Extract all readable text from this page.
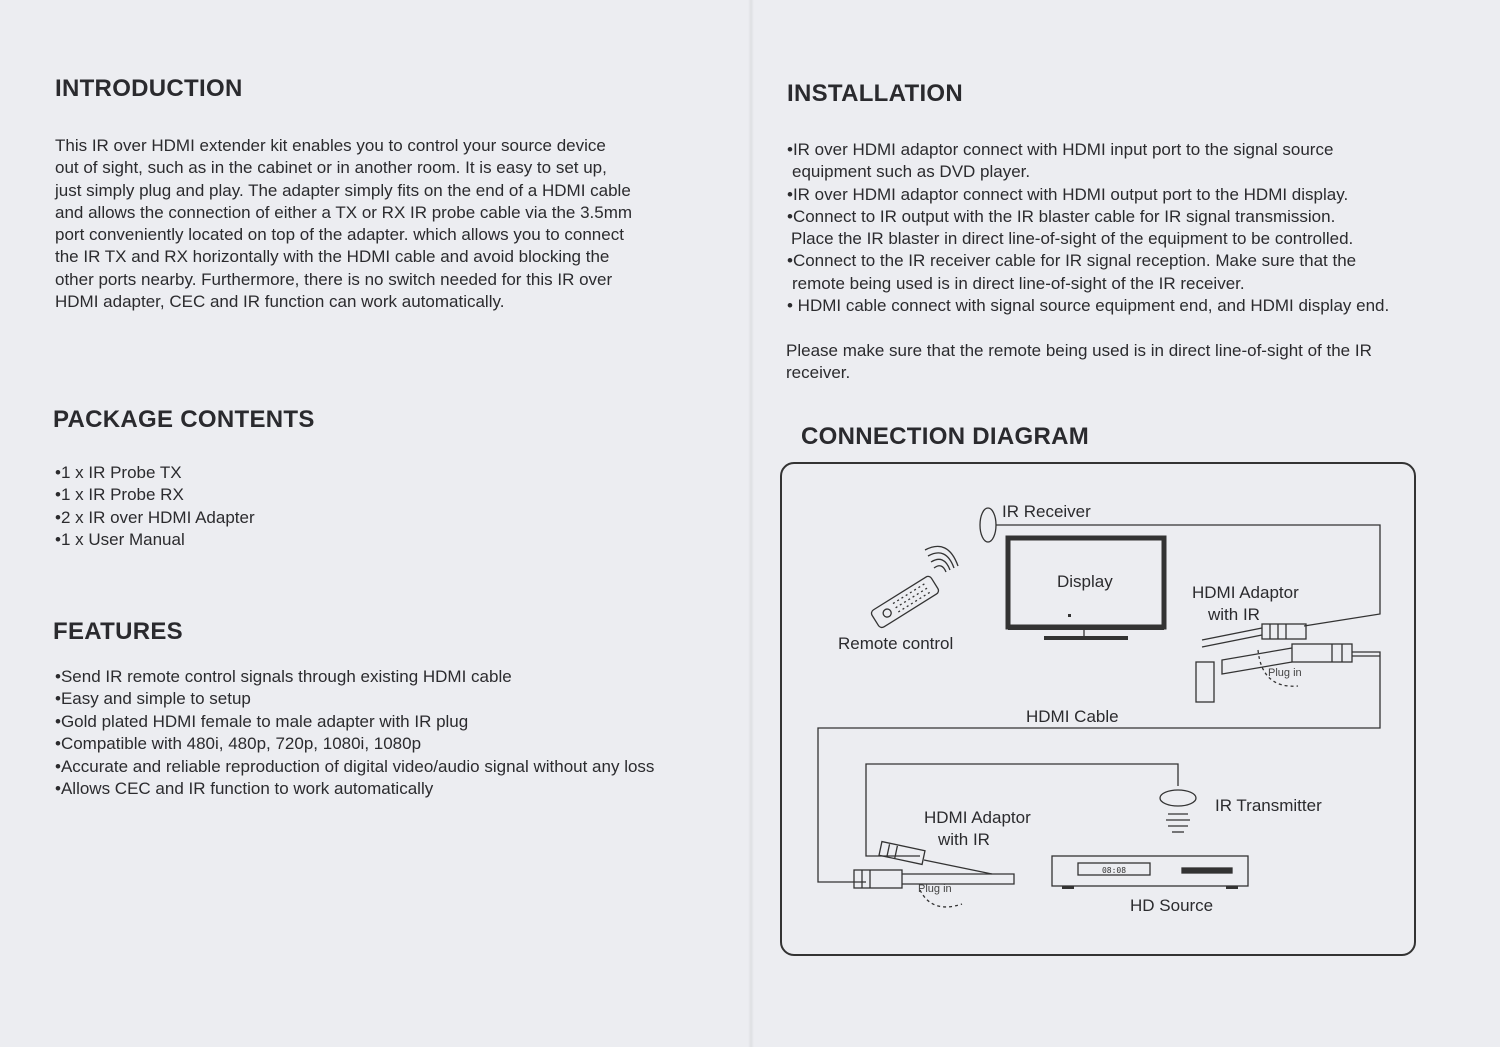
INTRODUCTION
This IR over HDMI extender kit enables you to control your source device
out of sight, such as in the cabinet or in another room. It is easy to set up,
just simply plug and play. The adapter simply fits on the end of a HDMI cable
and allows the connection of either a TX or RX IR probe cable via the 3.5mm
port conveniently located on top of the adapter. which allows you to connect
the IR TX and RX horizontally with the HDMI cable and avoid blocking the
other ports nearby. Furthermore, there is no switch needed for this IR over
HDMI adapter, CEC and IR function can work automatically.
PACKAGE CONTENTS
• 1 x IR Probe TX
• 1 x IR Probe RX
• 2 x IR over HDMI Adapter
• 1 x User Manual
FEATURES
• Send IR remote control signals through existing HDMI cable
• Easy and simple to setup
• Gold plated HDMI female to male adapter with IR plug
• Compatible with 480i, 480p, 720p, 1080i, 1080p
• Accurate and reliable reproduction of digital video/audio signal without any loss
• Allows CEC and IR function to work automatically
INSTALLATION
•IR over HDMI adaptor connect with HDMI input port to the signal source
equipment such as DVD player.
•IR over HDMI adaptor connect with HDMI output port to the HDMI display.
•Connect to IR output with the IR blaster cable for IR signal transmission.
Place the IR blaster in direct line-of-sight of the equipment to be controlled.
•Connect to the IR receiver cable for IR signal reception. Make sure that the
remote being used is in direct line-of-sight of the IR receiver.
• HDMI cable connect with signal source equipment end, and HDMI display end.
Please make sure that the remote being used is in direct line-of-sight of the IR
receiver.
CONNECTION DIAGRAM
08:08
IR Receiver
Display
HDMI Adaptor
with IR
Remote control
Plug in
HDMI Cable
HDMI Adaptor
with IR
IR Transmitter
Plug in
HD Source
